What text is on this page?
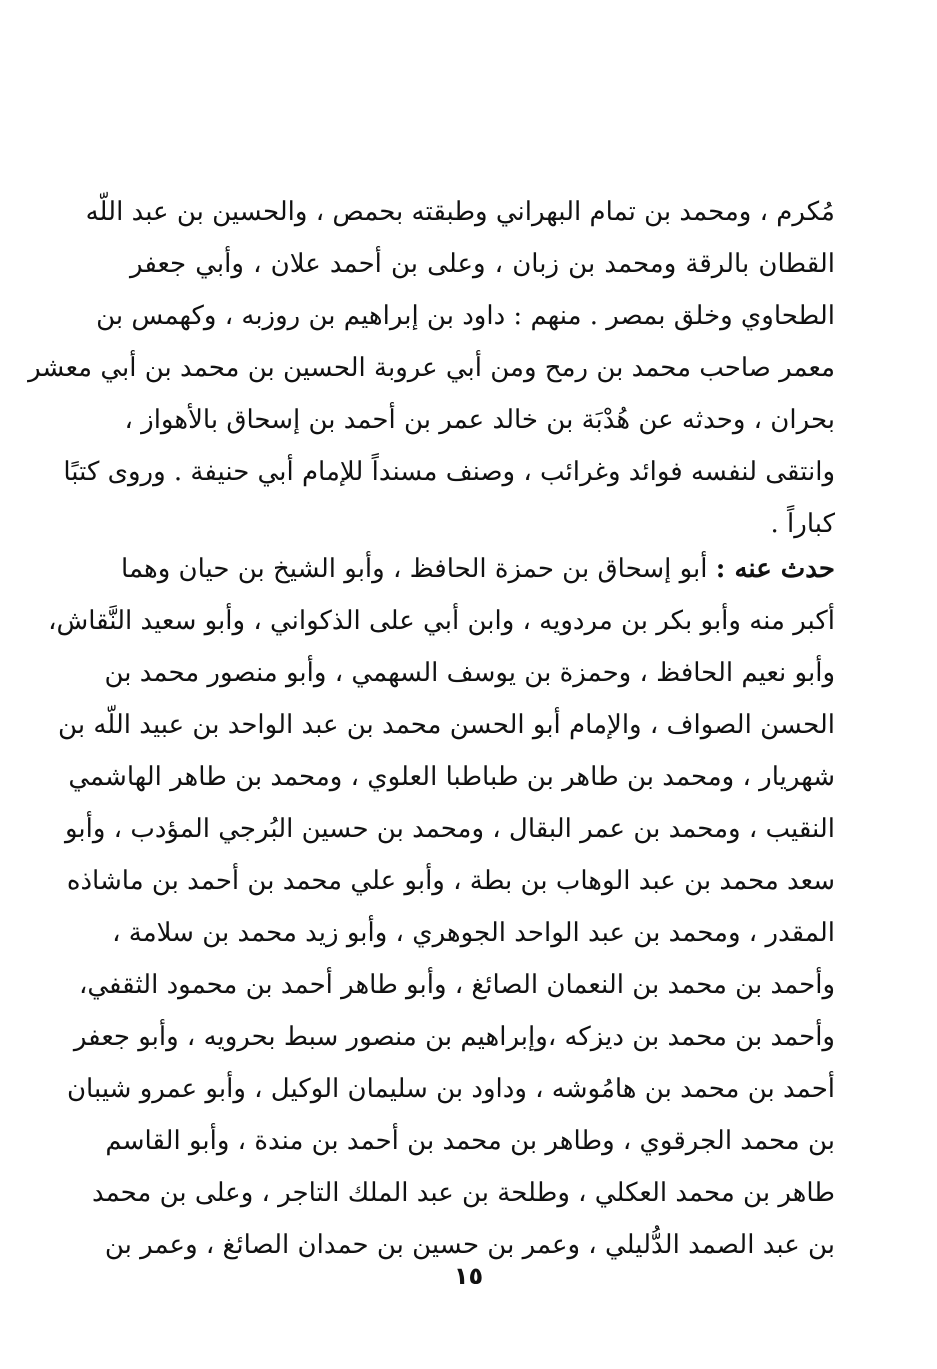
مُكرم ، ومحمد بن تمام البهراني وطبقته بحمص ، والحسين بن عبد اللّه
القطان بالرقة ومحمد بن زبان ، وعلى بن أحمد علان ، وأبي جعفر
الطحاوي وخلق بمصر . منهم : داود بن إبراهيم بن روزبه ، وكهمس بن
معمر صاحب محمد بن رمح ومن أبي عروبة الحسين بن محمد بن أبي معشر
بحران ، وحدثه عن هُدْبَة بن خالد عمر بن أحمد بن إسحاق بالأهواز ،
وانتقى لنفسه فوائد وغرائب ، وصنف مسنداً للإمام أبي حنيفة . وروى كتبًا
كباراً .
حدث عنه : أبو إسحاق بن حمزة الحافظ ، وأبو الشيخ بن حيان وهما
أكبر منه وأبو بكر بن مردويه ، وابن أبي على الذكواني ، وأبو سعيد النَّقاش،
وأبو نعيم الحافظ ، وحمزة بن يوسف السهمي ، وأبو منصور محمد بن
الحسن الصواف ، والإمام أبو الحسن محمد بن عبد الواحد بن عبيد اللّه بن
شهريار ، ومحمد بن طاهر بن طباطبا العلوي ، ومحمد بن طاهر الهاشمي
النقيب ، ومحمد بن عمر البقال ، ومحمد بن حسين البُرجي المؤدب ، وأبو
سعد محمد بن عبد الوهاب بن بطة ، وأبو علي محمد بن أحمد بن ماشاذه
المقدر ، ومحمد بن عبد الواحد الجوهري ، وأبو زيد محمد بن سلامة ،
وأحمد بن محمد بن النعمان الصائغ ، وأبو طاهر أحمد بن محمود الثقفي،
وأحمد بن محمد بن ديزكه ،وإبراهيم بن منصور سبط بحرويه ، وأبو جعفر
أحمد بن محمد بن هامُوشه ، وداود بن سليمان الوكيل ، وأبو عمرو شيبان
بن محمد الجرقوي ، وطاهر بن محمد بن أحمد بن مندة ، وأبو القاسم
طاهر بن محمد العكلي ، وطلحة بن عبد الملك التاجر ، وعلى بن محمد
بن عبد الصمد الدُّليلي ، وعمر بن حسين بن حمدان الصائغ ، وعمر بن
١٥
